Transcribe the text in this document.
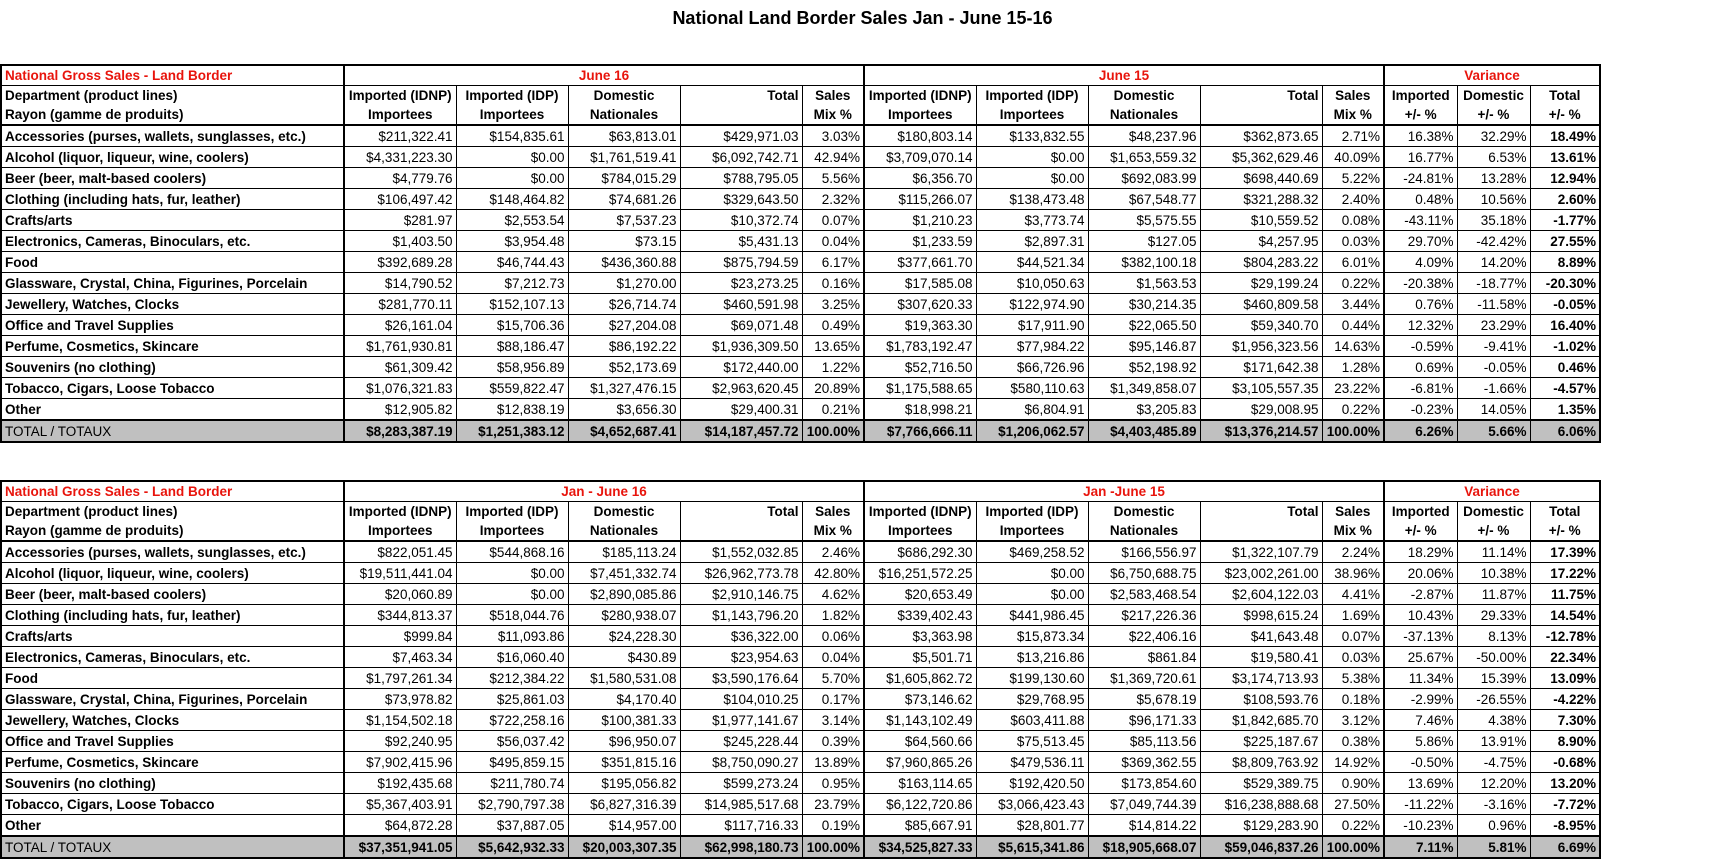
National Land Border Sales Jan - June 15-16
National Gross Sales - Land Border	June 16					June 15					Variance		
Department (product lines)	Imported (IDNP)	Imported (IDP)	Domestic	Total	Sales	Imported (IDNP)	Imported (IDP)	Domestic	Total	Sales	Imported	Domestic	Total
Rayon (gamme de produits)	Importees	Importees	Nationales		Mix %	Importees	Importees	Nationales		Mix %	+/- %	+/- %	+/- %
Accessories (purses, wallets, sunglasses, etc.)	$211,322.41	$154,835.61	$63,813.01	$429,971.03	3.03%	$180,803.14	$133,832.55	$48,237.96	$362,873.65	2.71%	16.38%	32.29%	18.49%
Alcohol (liquor, liqueur, wine, coolers)	$4,331,223.30	$0.00	$1,761,519.41	$6,092,742.71	42.94%	$3,709,070.14	$0.00	$1,653,559.32	$5,362,629.46	40.09%	16.77%	6.53%	13.61%
Beer (beer, malt-based coolers)	$4,779.76	$0.00	$784,015.29	$788,795.05	5.56%	$6,356.70	$0.00	$692,083.99	$698,440.69	5.22%	-24.81%	13.28%	12.94%
Clothing (including hats, fur, leather)	$106,497.42	$148,464.82	$74,681.26	$329,643.50	2.32%	$115,266.07	$138,473.48	$67,548.77	$321,288.32	2.40%	0.48%	10.56%	2.60%
Crafts/arts	$281.97	$2,553.54	$7,537.23	$10,372.74	0.07%	$1,210.23	$3,773.74	$5,575.55	$10,559.52	0.08%	-43.11%	35.18%	-1.77%
Electronics, Cameras, Binoculars, etc.	$1,403.50	$3,954.48	$73.15	$5,431.13	0.04%	$1,233.59	$2,897.31	$127.05	$4,257.95	0.03%	29.70%	-42.42%	27.55%
Food	$392,689.28	$46,744.43	$436,360.88	$875,794.59	6.17%	$377,661.70	$44,521.34	$382,100.18	$804,283.22	6.01%	4.09%	14.20%	8.89%
Glassware, Crystal, China, Figurines, Porcelain	$14,790.52	$7,212.73	$1,270.00	$23,273.25	0.16%	$17,585.08	$10,050.63	$1,563.53	$29,199.24	0.22%	-20.38%	-18.77%	-20.30%
Jewellery, Watches, Clocks	$281,770.11	$152,107.13	$26,714.74	$460,591.98	3.25%	$307,620.33	$122,974.90	$30,214.35	$460,809.58	3.44%	0.76%	-11.58%	-0.05%
Office and Travel Supplies	$26,161.04	$15,706.36	$27,204.08	$69,071.48	0.49%	$19,363.30	$17,911.90	$22,065.50	$59,340.70	0.44%	12.32%	23.29%	16.40%
Perfume, Cosmetics, Skincare	$1,761,930.81	$88,186.47	$86,192.22	$1,936,309.50	13.65%	$1,783,192.47	$77,984.22	$95,146.87	$1,956,323.56	14.63%	-0.59%	-9.41%	-1.02%
Souvenirs (no clothing)	$61,309.42	$58,956.89	$52,173.69	$172,440.00	1.22%	$52,716.50	$66,726.96	$52,198.92	$171,642.38	1.28%	0.69%	-0.05%	0.46%
Tobacco, Cigars, Loose Tobacco	$1,076,321.83	$559,822.47	$1,327,476.15	$2,963,620.45	20.89%	$1,175,588.65	$580,110.63	$1,349,858.07	$3,105,557.35	23.22%	-6.81%	-1.66%	-4.57%
Other	$12,905.82	$12,838.19	$3,656.30	$29,400.31	0.21%	$18,998.21	$6,804.91	$3,205.83	$29,008.95	0.22%	-0.23%	14.05%	1.35%
TOTAL / TOTAUX	$8,283,387.19	$1,251,383.12	$4,652,687.41	$14,187,457.72	100.00%	$7,766,666.11	$1,206,062.57	$4,403,485.89	$13,376,214.57	100.00%	6.26%	5.66%	6.06%
National Gross Sales - Land Border	Jan - June 16					Jan -June 15					Variance		
Department (product lines)	Imported (IDNP)	Imported (IDP)	Domestic	Total	Sales	Imported (IDNP)	Imported (IDP)	Domestic	Total	Sales	Imported	Domestic	Total
Rayon (gamme de produits)	Importees	Importees	Nationales		Mix %	Importees	Importees	Nationales		Mix %	+/- %	+/- %	+/- %
Accessories (purses, wallets, sunglasses, etc.)	$822,051.45	$544,868.16	$185,113.24	$1,552,032.85	2.46%	$686,292.30	$469,258.52	$166,556.97	$1,322,107.79	2.24%	18.29%	11.14%	17.39%
Alcohol (liquor, liqueur, wine, coolers)	$19,511,441.04	$0.00	$7,451,332.74	$26,962,773.78	42.80%	$16,251,572.25	$0.00	$6,750,688.75	$23,002,261.00	38.96%	20.06%	10.38%	17.22%
Beer (beer, malt-based coolers)	$20,060.89	$0.00	$2,890,085.86	$2,910,146.75	4.62%	$20,653.49	$0.00	$2,583,468.54	$2,604,122.03	4.41%	-2.87%	11.87%	11.75%
Clothing (including hats, fur, leather)	$344,813.37	$518,044.76	$280,938.07	$1,143,796.20	1.82%	$339,402.43	$441,986.45	$217,226.36	$998,615.24	1.69%	10.43%	29.33%	14.54%
Crafts/arts	$999.84	$11,093.86	$24,228.30	$36,322.00	0.06%	$3,363.98	$15,873.34	$22,406.16	$41,643.48	0.07%	-37.13%	8.13%	-12.78%
Electronics, Cameras, Binoculars, etc.	$7,463.34	$16,060.40	$430.89	$23,954.63	0.04%	$5,501.71	$13,216.86	$861.84	$19,580.41	0.03%	25.67%	-50.00%	22.34%
Food	$1,797,261.34	$212,384.22	$1,580,531.08	$3,590,176.64	5.70%	$1,605,862.72	$199,130.60	$1,369,720.61	$3,174,713.93	5.38%	11.34%	15.39%	13.09%
Glassware, Crystal, China, Figurines, Porcelain	$73,978.82	$25,861.03	$4,170.40	$104,010.25	0.17%	$73,146.62	$29,768.95	$5,678.19	$108,593.76	0.18%	-2.99%	-26.55%	-4.22%
Jewellery, Watches, Clocks	$1,154,502.18	$722,258.16	$100,381.33	$1,977,141.67	3.14%	$1,143,102.49	$603,411.88	$96,171.33	$1,842,685.70	3.12%	7.46%	4.38%	7.30%
Office and Travel Supplies	$92,240.95	$56,037.42	$96,950.07	$245,228.44	0.39%	$64,560.66	$75,513.45	$85,113.56	$225,187.67	0.38%	5.86%	13.91%	8.90%
Perfume, Cosmetics, Skincare	$7,902,415.96	$495,859.15	$351,815.16	$8,750,090.27	13.89%	$7,960,865.26	$479,536.11	$369,362.55	$8,809,763.92	14.92%	-0.50%	-4.75%	-0.68%
Souvenirs (no clothing)	$192,435.68	$211,780.74	$195,056.82	$599,273.24	0.95%	$163,114.65	$192,420.50	$173,854.60	$529,389.75	0.90%	13.69%	12.20%	13.20%
Tobacco, Cigars, Loose Tobacco	$5,367,403.91	$2,790,797.38	$6,827,316.39	$14,985,517.68	23.79%	$6,122,720.86	$3,066,423.43	$7,049,744.39	$16,238,888.68	27.50%	-11.22%	-3.16%	-7.72%
Other	$64,872.28	$37,887.05	$14,957.00	$117,716.33	0.19%	$85,667.91	$28,801.77	$14,814.22	$129,283.90	0.22%	-10.23%	0.96%	-8.95%
TOTAL / TOTAUX	$37,351,941.05	$5,642,932.33	$20,003,307.35	$62,998,180.73	100.00%	$34,525,827.33	$5,615,341.86	$18,905,668.07	$59,046,837.26	100.00%	7.11%	5.81%	6.69%
